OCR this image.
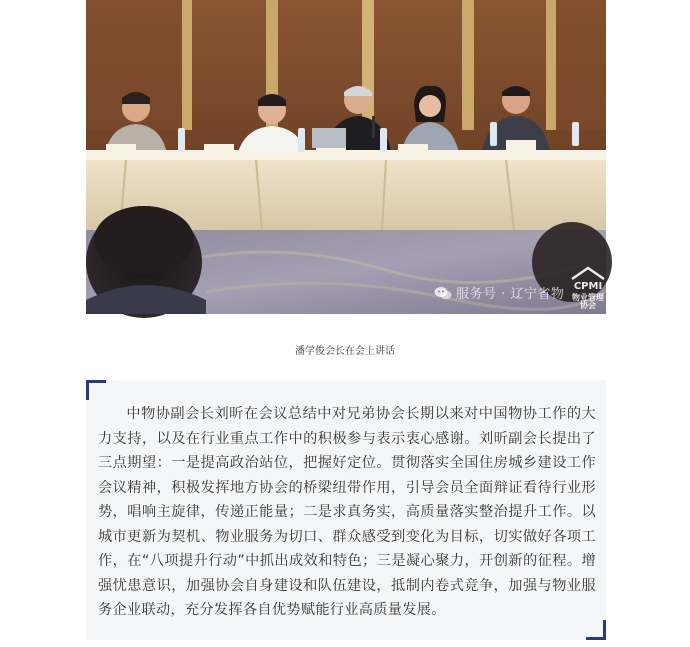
服务号 · 辽宁省物
CPMI
物业管理协会
LPMAC
潘学俊会长在会上讲话

中物协副会长刘昕在会议总结中对兄弟协会长期以来对中国物协工作的大力支持，以及在行业重点工作中的积极参与表示衷心感谢。刘昕副会长提出了三点期望：一是提高政治站位，把握好定位。贯彻落实全国住房城乡建设工作会议精神，积极发挥地方协会的桥梁纽带作用，引导会员全面辩证看待行业形势，唱响主旋律，传递正能量；二是求真务实，高质量落实整治提升工作。以城市更新为契机、物业服务为切口、群众感受到变化为目标，切实做好各项工作，在“八项提升行动”中抓出成效和特色；三是凝心聚力，开创新的征程。增强忧患意识，加强协会自身建设和队伍建设，抵制内卷式竞争，加强与物业服务企业联动，充分发挥各自优势赋能行业高质量发展。
